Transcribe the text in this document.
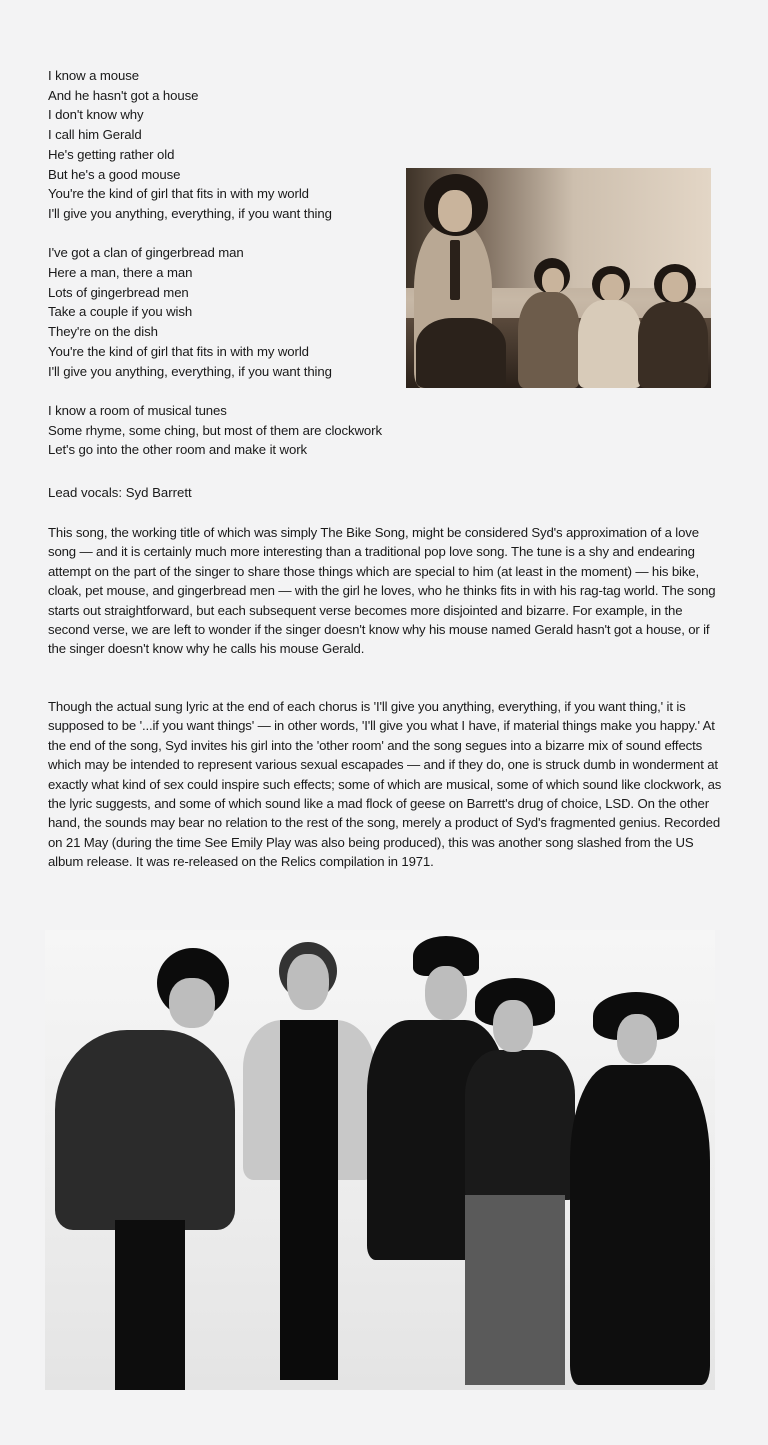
I know a mouse
And he hasn't got a house
I don't know why
I call him Gerald
He's getting rather old
But he's a good mouse
You're the kind of girl that fits in with my world
I'll give you anything, everything, if you want thing
I've got a clan of gingerbread man
Here a man, there a man
Lots of gingerbread men
Take a couple if you wish
They're on the dish
You're the kind of girl that fits in with my world
I'll give you anything, everything, if you want thing
I know a room of musical tunes
Some rhyme, some ching, but most of them are clockwork
Let's go into the other room and make it work
Lead vocals: Syd Barrett
This song, the working title of which was simply The Bike Song, might be considered Syd's approximation of a love song — and it is certainly much more interesting than a traditional pop love song. The tune is a shy and endearing attempt on the part of the singer to share those things which are special to him (at least in the moment) — his bike, cloak, pet mouse, and gingerbread men — with the girl he loves, who he thinks fits in with his rag-tag world. The song starts out straightforward, but each subsequent verse becomes more disjointed and bizarre. For example, in the second verse, we are left to wonder if the singer doesn't know why his mouse named Gerald hasn't got a house, or if the singer doesn't know why he calls his mouse Gerald.
Though the actual sung lyric at the end of each chorus is 'I'll give you anything, everything, if you want thing,' it is supposed to be '...if you want things' — in other words, 'I'll give you what I have, if material things make you happy.' At the end of the song, Syd invites his girl into the 'other room' and the song segues into a bizarre mix of sound effects which may be intended to represent various sexual escapades — and if they do, one is struck dumb in wonderment at exactly what kind of sex could inspire such effects; some of which are musical, some of which sound like clockwork, as the lyric suggests, and some of which sound like a mad flock of geese on Barrett's drug of choice, LSD. On the other hand, the sounds may bear no relation to the rest of the song, merely a product of Syd's fragmented genius. Recorded on 21 May (during the time See Emily Play was also being produced), this was another song slashed from the US album release. It was re-released on the Relics compilation in 1971.
